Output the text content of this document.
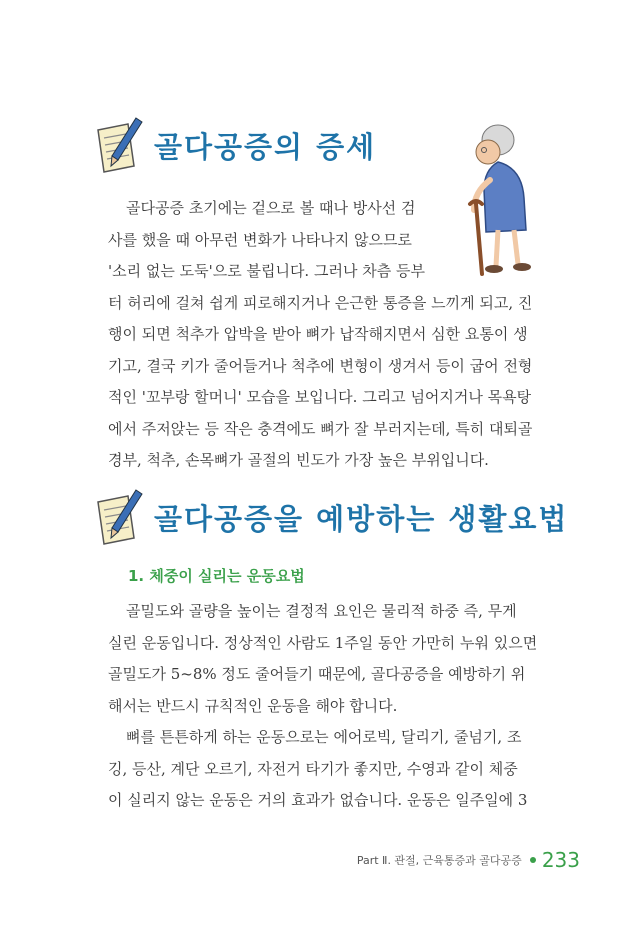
골다공증의 증세
골다공증 초기에는 겉으로 볼 때나 방사선 검
사를 했을 때 아무런 변화가 나타나지 않으므로
'소리 없는 도둑'으로 불립니다. 그러나 차츰 등부
터 허리에 걸쳐 쉽게 피로해지거나 은근한 통증을 느끼게 되고, 진
행이 되면 척추가 압박을 받아 뼈가 납작해지면서 심한 요통이 생
기고, 결국 키가 줄어들거나 척추에 변형이 생겨서 등이 굽어 전형
적인 '꼬부랑 할머니' 모습을 보입니다. 그리고 넘어지거나 목욕탕
에서 주저앉는 등 작은 충격에도 뼈가 잘 부러지는데, 특히 대퇴골
경부, 척추, 손목뼈가 골절의 빈도가 가장 높은 부위입니다.
골다공증을 예방하는 생활요법
1. 체중이 실리는 운동요법
골밀도와 골량을 높이는 결정적 요인은 물리적 하중 즉, 무게
실린 운동입니다. 정상적인 사람도 1주일 동안 가만히 누워 있으면
골밀도가 5~8% 정도 줄어들기 때문에, 골다공증을 예방하기 위
해서는 반드시 규칙적인 운동을 해야 합니다.
뼈를 튼튼하게 하는 운동으로는 에어로빅, 달리기, 줄넘기, 조
깅, 등산, 계단 오르기, 자전거 타기가 좋지만, 수영과 같이 체중
이 실리지 않는 운동은 거의 효과가 없습니다. 운동은 일주일에 3
Part Ⅱ. 관절, 근육통증과 골다공증 233
